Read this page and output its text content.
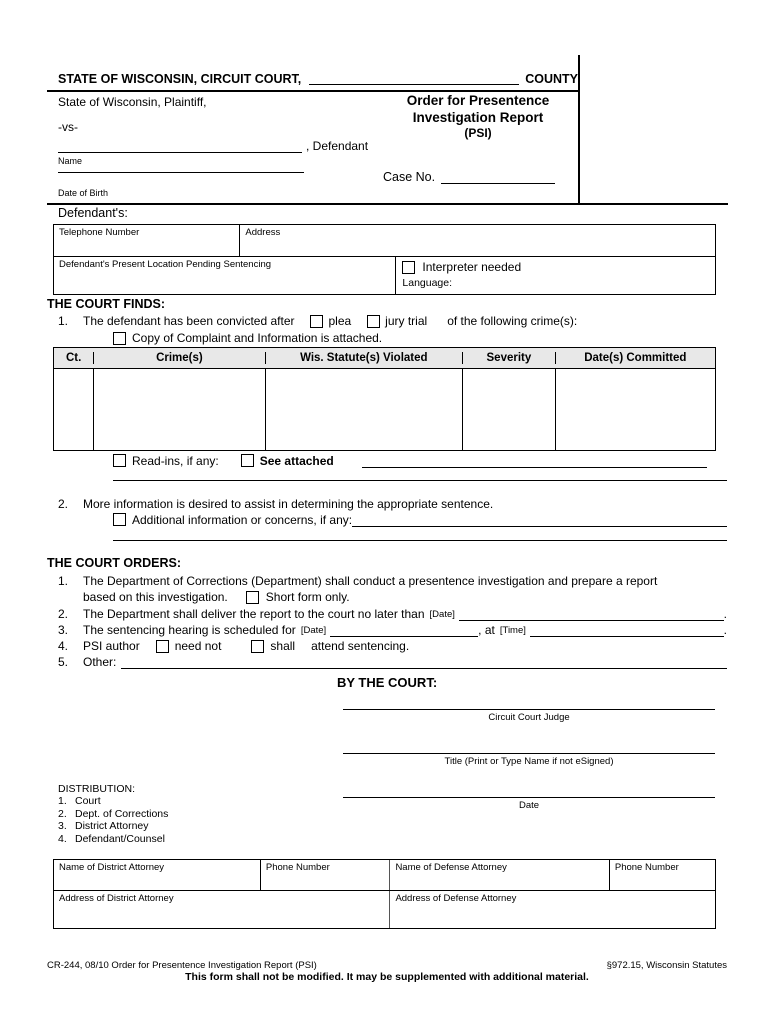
STATE OF WISCONSIN, CIRCUIT COURT,	COUNTY
State of Wisconsin, Plaintiff,
-vs-
, Defendant
Name
Date of Birth
Order for Presentence Investigation Report
(PSI)
Case No.
Defendant's:
Telephone Number	Address
Defendant's Present Location Pending Sentencing	Interpreter needed
Language:
THE COURT FINDS:
1.	The defendant has been convicted after	plea	jury trial of the following crime(s):
Copy of Complaint and Information is attached.
Ct.	Crime(s)	Wis. Statute(s) Violated	Severity	Date(s) Committed
Read-ins, if any:	See attached
2.	More information is desired to assist in determining the appropriate sentence.
Additional information or concerns, if any:
THE COURT ORDERS:
1.	The Department of Corrections (Department) shall conduct a presentence investigation and prepare a report
based on this investigation.	Short form only.
2.	The Department shall deliver the report to the court no later than [Date]	.
3.	The sentencing hearing is scheduled for [Date]	, at [Time]	.
4.	PSI author	need not	shall attend sentencing.
5.	Other:
BY THE COURT:
Circuit Court Judge
Title (Print or Type Name if not eSigned)
Date
DISTRIBUTION:
1. Court
2. Dept. of Corrections
3. District Attorney
4. Defendant/Counsel
Name of District Attorney	Phone Number	Name of Defense Attorney	Phone Number
Address of District Attorney	Address of Defense Attorney
CR-244, 08/10 Order for Presentence Investigation Report (PSI)	§972.15, Wisconsin Statutes
This form shall not be modified. It may be supplemented with additional material.
